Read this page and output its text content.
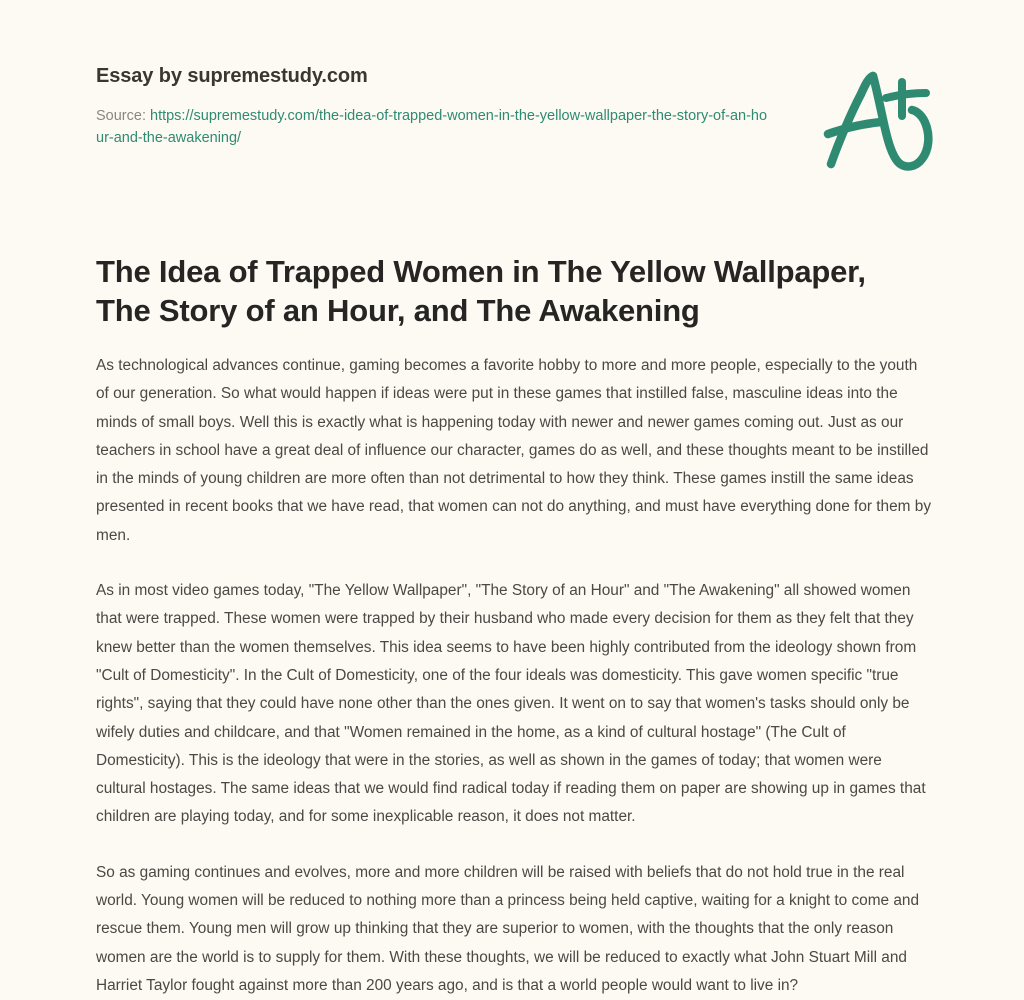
Essay by supremestudy.com
Source: https://supremestudy.com/the-idea-of-trapped-women-in-the-yellow-wallpaper-the-story-of-an-hour-and-the-awakening/
The Idea of Trapped Women in The Yellow Wallpaper, The Story of an Hour, and The Awakening

As technological advances continue, gaming becomes a favorite hobby to more and more people, especially to the youth of our generation. So what would happen if ideas were put in these games that instilled false, masculine ideas into the minds of small boys. Well this is exactly what is happening today with newer and newer games coming out. Just as our teachers in school have a great deal of influence our character, games do as well, and these thoughts meant to be instilled in the minds of young children are more often than not detrimental to how they think. These games instill the same ideas presented in recent books that we have read, that women can not do anything, and must have everything done for them by men.

As in most video games today, "The Yellow Wallpaper", "The Story of an Hour" and "The Awakening" all showed women that were trapped. These women were trapped by their husband who made every decision for them as they felt that they knew better than the women themselves. This idea seems to have been highly contributed from the ideology shown from "Cult of Domesticity". In the Cult of Domesticity, one of the four ideals was domesticity. This gave women specific "true rights", saying that they could have none other than the ones given. It went on to say that women's tasks should only be wifely duties and childcare, and that "Women remained in the home, as a kind of cultural hostage" (The Cult of Domesticity). This is the ideology that were in the stories, as well as shown in the games of today; that women were cultural hostages. The same ideas that we would find radical today if reading them on paper are showing up in games that children are playing today, and for some inexplicable reason, it does not matter.

So as gaming continues and evolves, more and more children will be raised with beliefs that do not hold true in the real world. Young women will be reduced to nothing more than a princess being held captive, waiting for a knight to come and rescue them. Young men will grow up thinking that they are superior to women, with the thoughts that the only reason women are the world is to supply for them. With these thoughts, we will be reduced to exactly what John Stuart Mill and Harriet Taylor fought against more than 200 years ago, and is that a world people would want to live in?
